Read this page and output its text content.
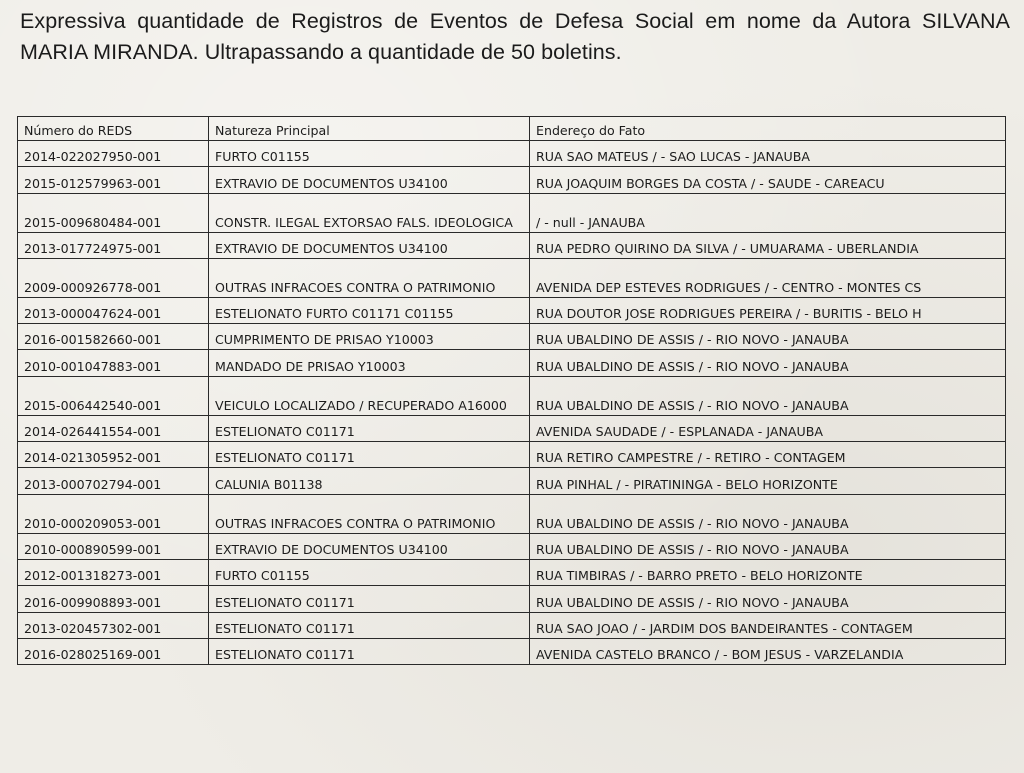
Expressiva quantidade de Registros de Eventos de Defesa Social em nome da Autora SILVANA MARIA MIRANDA. Ultrapassando a quantidade de 50 boletins.

Número do REDS	Natureza Principal	Endereço do Fato
2014-022027950-001	FURTO C01155	RUA SAO MATEUS / - SAO LUCAS - JANAUBA
2015-012579963-001	EXTRAVIO DE DOCUMENTOS U34100	RUA JOAQUIM BORGES DA COSTA / - SAUDE - CAREACU
2015-009680484-001	CONSTR. ILEGAL EXTORSAO FALS. IDEOLOGICA	/ - null - JANAUBA
2013-017724975-001	EXTRAVIO DE DOCUMENTOS U34100	RUA PEDRO QUIRINO DA SILVA / - UMUARAMA - UBERLANDIA
2009-000926778-001	OUTRAS INFRACOES CONTRA O PATRIMONIO	AVENIDA DEP ESTEVES RODRIGUES / - CENTRO - MONTES CS
2013-000047624-001	ESTELIONATO FURTO C01171 C01155	RUA DOUTOR JOSE RODRIGUES PEREIRA / - BURITIS - BELO H
2016-001582660-001	CUMPRIMENTO DE PRISAO Y10003	RUA UBALDINO DE ASSIS / - RIO NOVO - JANAUBA
2010-001047883-001	MANDADO DE PRISAO Y10003	RUA UBALDINO DE ASSIS / - RIO NOVO - JANAUBA
2015-006442540-001	VEICULO LOCALIZADO / RECUPERADO A16000	RUA UBALDINO DE ASSIS / - RIO NOVO - JANAUBA
2014-026441554-001	ESTELIONATO C01171	AVENIDA SAUDADE / - ESPLANADA - JANAUBA
2014-021305952-001	ESTELIONATO C01171	RUA RETIRO CAMPESTRE / - RETIRO - CONTAGEM
2013-000702794-001	CALUNIA B01138	RUA PINHAL / - PIRATININGA - BELO HORIZONTE
2010-000209053-001	OUTRAS INFRACOES CONTRA O PATRIMONIO	RUA UBALDINO DE ASSIS / - RIO NOVO - JANAUBA
2010-000890599-001	EXTRAVIO DE DOCUMENTOS U34100	RUA UBALDINO DE ASSIS / - RIO NOVO - JANAUBA
2012-001318273-001	FURTO C01155	RUA TIMBIRAS / - BARRO PRETO - BELO HORIZONTE
2016-009908893-001	ESTELIONATO C01171	RUA UBALDINO DE ASSIS / - RIO NOVO - JANAUBA
2013-020457302-001	ESTELIONATO C01171	RUA SAO JOAO / - JARDIM DOS BANDEIRANTES - CONTAGEM
2016-028025169-001	ESTELIONATO C01171	AVENIDA CASTELO BRANCO / - BOM JESUS - VARZELANDIA
